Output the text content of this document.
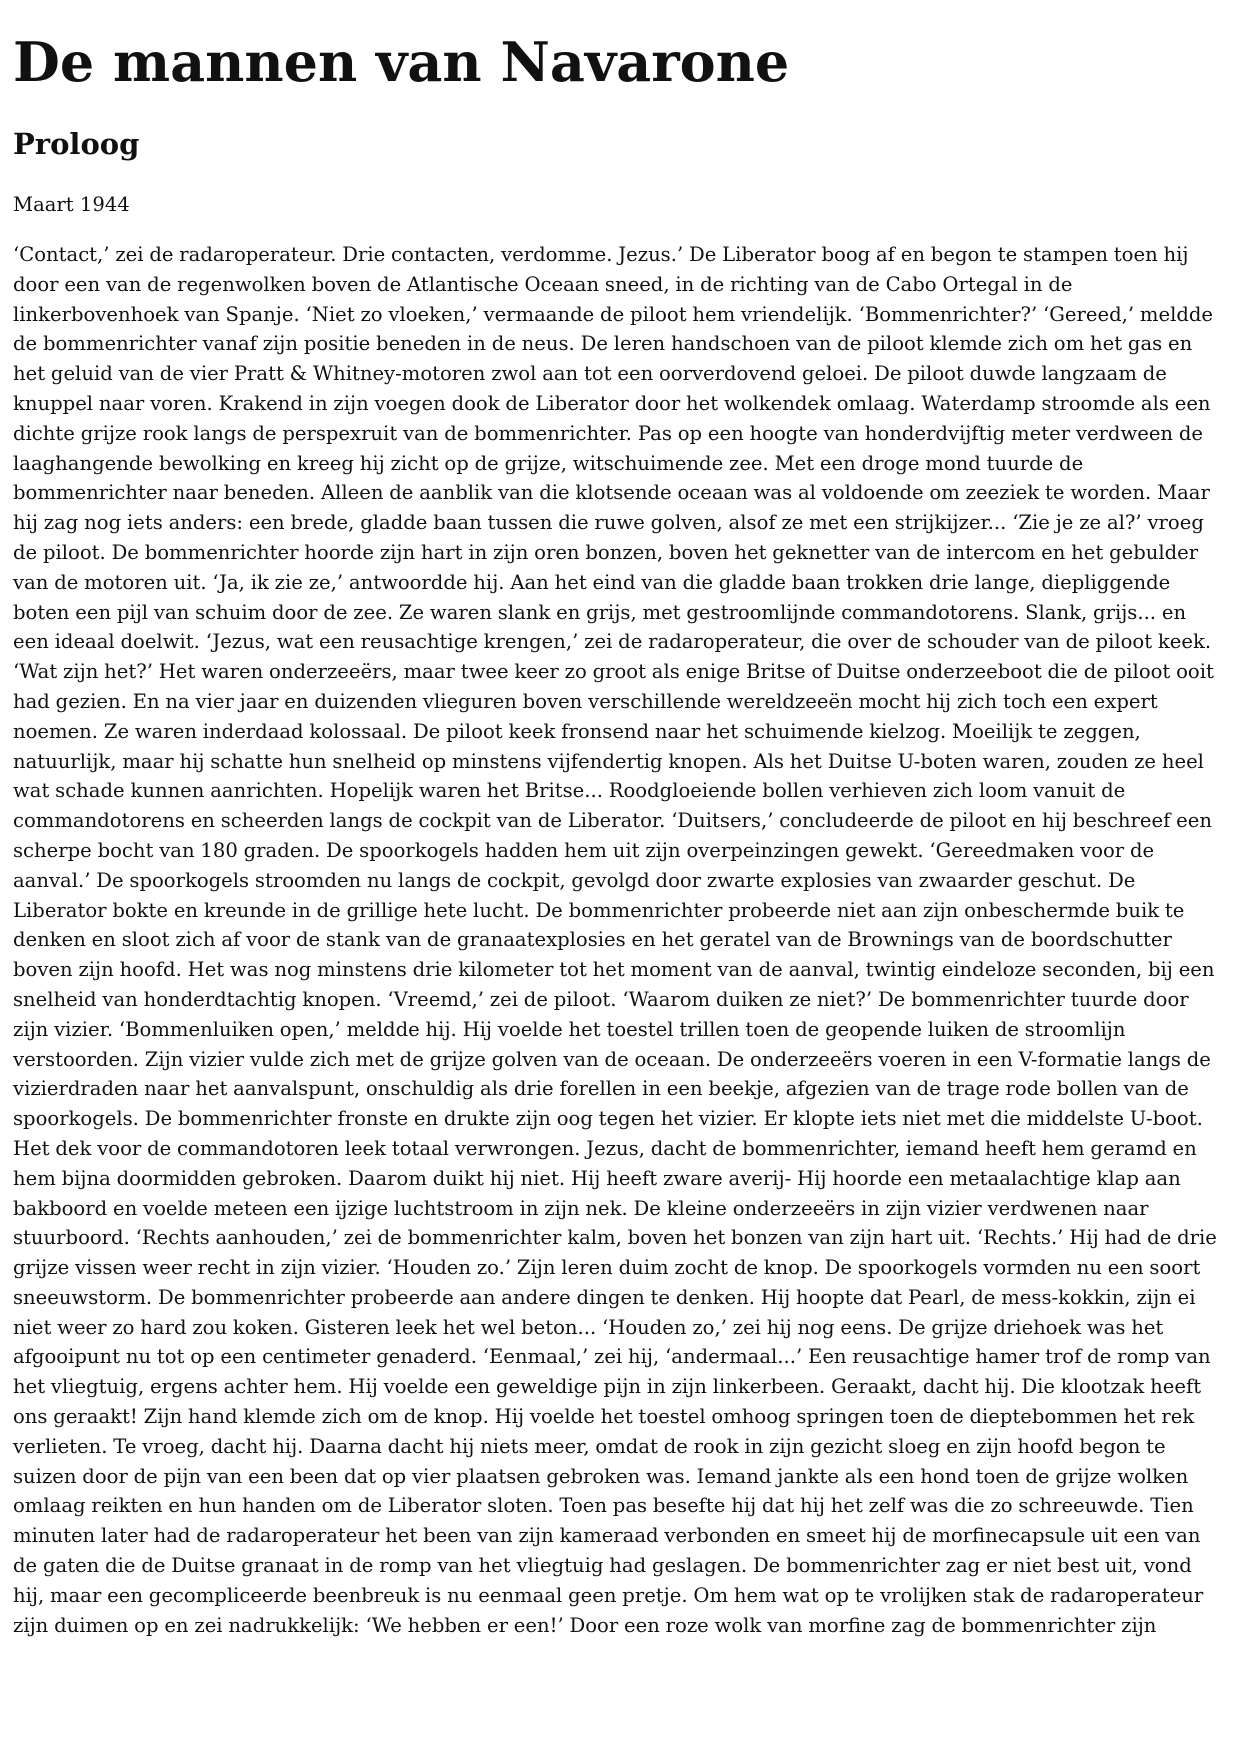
De mannen van Navarone
Proloog

Maart 1944

‘Contact,’ zei de radaroperateur. Drie contacten, verdomme. Jezus.’ De Liberator boog af en begon te stampen toen hij door een van de regenwolken boven de Atlantische Oceaan sneed, in de richting van de Cabo Ortegal in de linkerbovenhoek van Spanje. ‘Niet zo vloeken,’ vermaande de piloot hem vriendelijk. ‘Bommenrichter?’ ‘Gereed,’ meldde de bommenrichter vanaf zijn positie beneden in de neus. De leren handschoen van de piloot klemde zich om het gas en het geluid van de vier Pratt & Whitney-motoren zwol aan tot een oorverdovend geloei. De piloot duwde langzaam de knuppel naar voren. Krakend in zijn voegen dook de Liberator door het wolkendek omlaag. Waterdamp stroomde als een dichte grijze rook langs de perspexruit van de bommenrichter. Pas op een hoogte van honderdvijftig meter verdween de laaghangende bewolking en kreeg hij zicht op de grijze, witschuimende zee. Met een droge mond tuurde de bommenrichter naar beneden. Alleen de aanblik van die klotsende oceaan was al voldoende om zeeziek te worden. Maar hij zag nog iets anders: een brede, gladde baan tussen die ruwe golven, alsof ze met een strijkijzer... ‘Zie je ze al?’ vroeg de piloot. De bommenrichter hoorde zijn hart in zijn oren bonzen, boven het geknetter van de intercom en het gebulder van de motoren uit. ‘Ja, ik zie ze,’ antwoordde hij. Aan het eind van die gladde baan trokken drie lange, diepliggende boten een pijl van schuim door de zee. Ze waren slank en grijs, met gestroomlijnde commandotorens. Slank, grijs... en een ideaal doelwit. ‘Jezus, wat een reusachtige krengen,’ zei de radaroperateur, die over de schouder van de piloot keek. ‘Wat zijn het?’ Het waren onderzeeërs, maar twee keer zo groot als enige Britse of Duitse onderzeeboot die de piloot ooit had gezien. En na vier jaar en duizenden vlieguren boven verschillende wereldzeeën mocht hij zich toch een expert noemen. Ze waren inderdaad kolossaal. De piloot keek fronsend naar het schuimende kielzog. Moeilijk te zeggen, natuurlijk, maar hij schatte hun snelheid op minstens vijfendertig knopen. Als het Duitse U-boten waren, zouden ze heel wat schade kunnen aanrichten. Hopelijk waren het Britse... Roodgloeiende bollen verhieven zich loom vanuit de commandotorens en scheerden langs de cockpit van de Liberator. ‘Duitsers,’ concludeerde de piloot en hij beschreef een scherpe bocht van 180 graden. De spoorkogels hadden hem uit zijn overpeinzingen gewekt. ‘Gereedmaken voor de aanval.’ De spoorkogels stroomden nu langs de cockpit, gevolgd door zwarte explosies van zwaarder geschut. De Liberator bokte en kreunde in de grillige hete lucht. De bommenrichter probeerde niet aan zijn onbeschermde buik te denken en sloot zich af voor de stank van de granaatexplosies en het geratel van de Brownings van de boordschutter boven zijn hoofd. Het was nog minstens drie kilometer tot het moment van de aanval, twintig eindeloze seconden, bij een snelheid van honderdtachtig knopen. ‘Vreemd,’ zei de piloot. ‘Waarom duiken ze niet?’ De bommenrichter tuurde door zijn vizier. ‘Bommenluiken open,’ meldde hij. Hij voelde het toestel trillen toen de geopende luiken de stroomlijn verstoorden. Zijn vizier vulde zich met de grijze golven van de oceaan. De onderzeeërs voeren in een V-formatie langs de vizierdraden naar het aanvalspunt, onschuldig als drie forellen in een beekje, afgezien van de trage rode bollen van de spoorkogels. De bommenrichter fronste en drukte zijn oog tegen het vizier. Er klopte iets niet met die middelste U-boot. Het dek voor de commandotoren leek totaal verwrongen. Jezus, dacht de bommenrichter, iemand heeft hem geramd en hem bijna doormidden gebroken. Daarom duikt hij niet. Hij heeft zware averij- Hij hoorde een metaalachtige klap aan bakboord en voelde meteen een ijzige luchtstroom in zijn nek. De kleine onderzeeërs in zijn vizier verdwenen naar stuurboord. ‘Rechts aanhouden,’ zei de bommenrichter kalm, boven het bonzen van zijn hart uit. ‘Rechts.’ Hij had de drie grijze vissen weer recht in zijn vizier. ‘Houden zo.’ Zijn leren duim zocht de knop. De spoorkogels vormden nu een soort sneeuwstorm. De bommenrichter probeerde aan andere dingen te denken. Hij hoopte dat Pearl, de mess-kokkin, zijn ei niet weer zo hard zou koken. Gisteren leek het wel beton... ‘Houden zo,’ zei hij nog eens. De grijze driehoek was het afgooipunt nu tot op een centimeter genaderd. ‘Eenmaal,’ zei hij, ‘andermaal...’ Een reusachtige hamer trof de romp van het vliegtuig, ergens achter hem. Hij voelde een geweldige pijn in zijn linkerbeen. Geraakt, dacht hij. Die klootzak heeft ons geraakt! Zijn hand klemde zich om de knop. Hij voelde het toestel omhoog springen toen de dieptebommen het rek verlieten. Te vroeg, dacht hij. Daarna dacht hij niets meer, omdat de rook in zijn gezicht sloeg en zijn hoofd begon te suizen door de pijn van een been dat op vier plaatsen gebroken was. Iemand jankte als een hond toen de grijze wolken omlaag reikten en hun handen om de Liberator sloten. Toen pas besefte hij dat hij het zelf was die zo schreeuwde. Tien minuten later had de radaroperateur het been van zijn kameraad verbonden en smeet hij de morfinecapsule uit een van de gaten die de Duitse granaat in de romp van het vliegtuig had geslagen. De bommenrichter zag er niet best uit, vond hij, maar een gecompliceerde beenbreuk is nu eenmaal geen pretje. Om hem wat op te vrolijken stak de radaroperateur zijn duimen op en zei nadrukkelijk: ‘We hebben er een!’ Door een roze wolk van morfine zag de bommenrichter zijn
